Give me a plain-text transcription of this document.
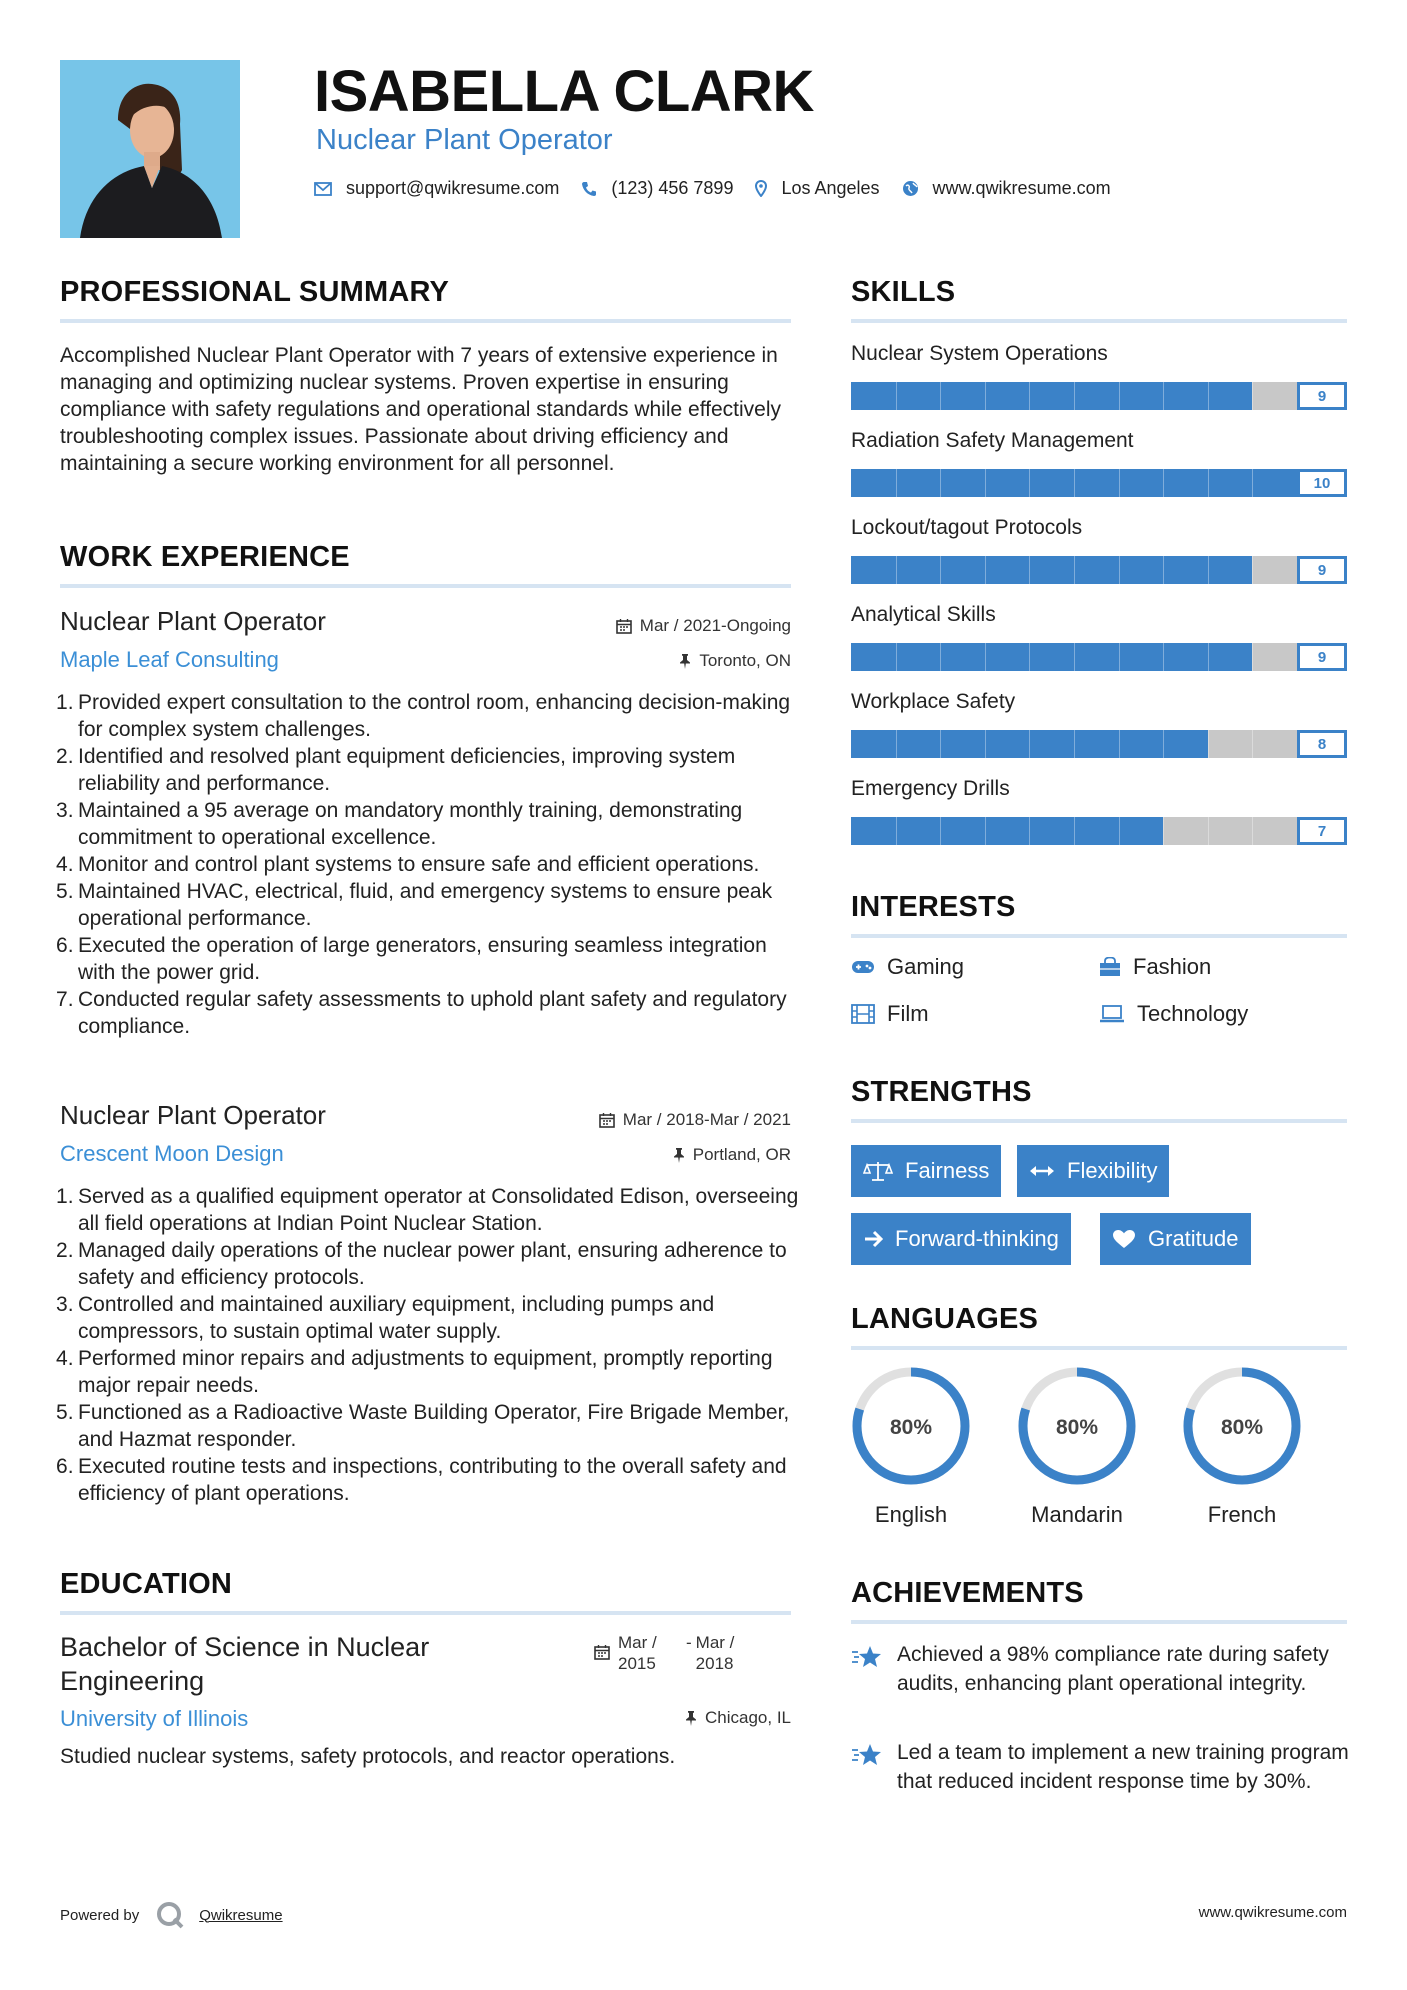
ISABELLA CLARK
Nuclear Plant Operator
support@qwikresume.com	(123) 456 7899	Los Angeles	www.qwikresume.com
PROFESSIONAL SUMMARY
Accomplished Nuclear Plant Operator with 7 years of extensive experience in managing and optimizing nuclear systems. Proven expertise in ensuring compliance with safety regulations and operational standards while effectively troubleshooting complex issues. Passionate about driving efficiency and maintaining a secure working environment for all personnel.
WORK EXPERIENCE
Nuclear Plant Operator
Maple Leaf Consulting
Mar / 2021-Ongoing
Toronto, ON
Provided expert consultation to the control room, enhancing decision-making for complex system challenges.
Identified and resolved plant equipment deficiencies, improving system reliability and performance.
Maintained a 95 average on mandatory monthly training, demonstrating commitment to operational excellence.
Monitor and control plant systems to ensure safe and efficient operations.
Maintained HVAC, electrical, fluid, and emergency systems to ensure peak operational performance.
Executed the operation of large generators, ensuring seamless integration with the power grid.
Conducted regular safety assessments to uphold plant safety and regulatory compliance.
Nuclear Plant Operator
Crescent Moon Design
Mar / 2018-Mar / 2021
Portland, OR
Served as a qualified equipment operator at Consolidated Edison, overseeing all field operations at Indian Point Nuclear Station.
Managed daily operations of the nuclear power plant, ensuring adherence to safety and efficiency protocols.
Controlled and maintained auxiliary equipment, including pumps and compressors, to sustain optimal water supply.
Performed minor repairs and adjustments to equipment, promptly reporting major repair needs.
Functioned as a Radioactive Waste Building Operator, Fire Brigade Member, and Hazmat responder.
Executed routine tests and inspections, contributing to the overall safety and efficiency of plant operations.
EDUCATION
Bachelor of Science in Nuclear Engineering
University of Illinois
Mar /
2015
- Mar /
2018
Chicago, IL
Studied nuclear systems, safety protocols, and reactor operations.
SKILLS
Nuclear System Operations
9
Radiation Safety Management
10
Lockout/tagout Protocols
9
Analytical Skills
9
Workplace Safety
8
Emergency Drills
7
INTERESTS
Gaming	Fashion
Film	Technology
STRENGTHS
Fairness	Flexibility
Forward-thinking	Gratitude
LANGUAGES
80%
English
80%
Mandarin
80%
French
ACHIEVEMENTS
Achieved a 98% compliance rate during safety audits, enhancing plant operational integrity.
Led a team to implement a new training program that reduced incident response time by 30%.
Powered by	Qwikresume	www.qwikresume.com
